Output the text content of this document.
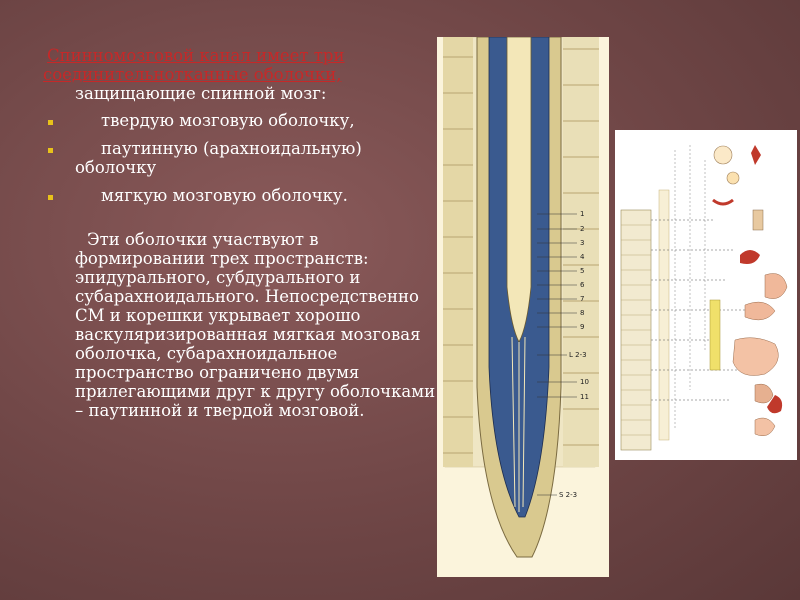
Спинномозговой канал имеет три соединительнотканные оболочки,
защищающие спинной мозг:
твердую мозговую оболочку,
паутинную (арахноидальную) оболочку
мягкую мозговую оболочку.
Эти оболочки участвуют в формировании трех пространств: эпидурального, субдурального и субарахноидального. Непосредственно СМ и корешки укрывает хорошо васкуляризированная мягкая мозговая оболочка, субарахноидальное пространство ограничено двумя прилегающими друг к другу оболочками – паутинной и твердой мозговой.
1
2
3
4
5
6
7
8
9
L 2-3
10
11
S 2-3
